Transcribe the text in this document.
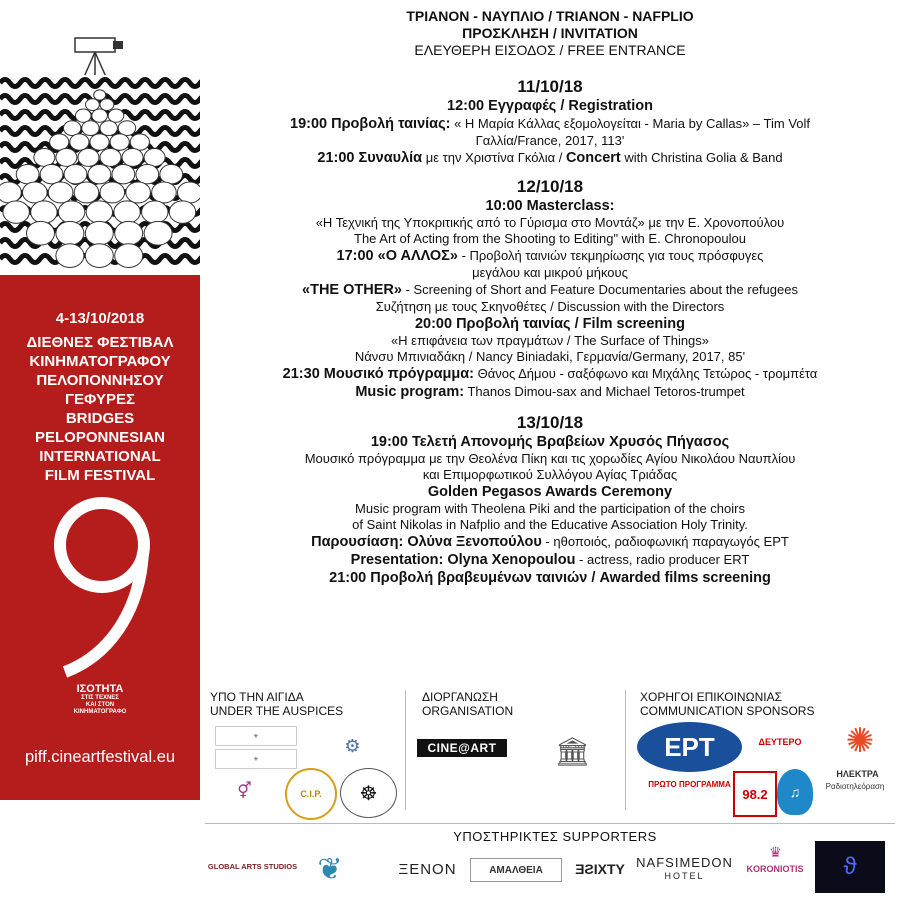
4-13/10/2018
ΔΙΕΘΝΕΣ ΦΕΣΤΙΒΑΛ
ΚΙΝΗΜΑΤΟΓΡΑΦΟΥ
ΠΕΛΟΠΟΝΝΗΣΟΥ
ΓΕΦΥΡΕΣ
BRIDGES
PELOPONNESIAN
INTERNATIONAL
FILM FESTIVAL
ΙΣΟΤΗΤΑ
ΣΤΙΣ ΤΕΧΝΕΣ
ΚΑΙ ΣΤΟΝ
ΚΙΝΗΜΑΤΟΓΡΑΦΟ
piff.cineartfestival.eu
ΤΡΙΑΝΟΝ - ΝΑΥΠΛΙΟ / TRIANON - NAFPLIO
ΠΡΟΣΚΛΗΣΗ / INVITATION
ΕΛΕΥΘΕΡΗ ΕΙΣΟΔΟΣ / FREE ENTRANCE
11/10/18
12:00 Εγγραφές / Registration
19:00 Προβολή ταινίας: « Η Μαρία Κάλλας εξομολογείται - Maria by Callas» – Tim Volf
Γαλλία/France, 2017, 113'
21:00 Συναυλία με την Χριστίνα Γκόλια / Concert with Christina Golia & Band
12/10/18
10:00 Masterclass:
«Η Τεχνική της Υποκριτικής από το Γύρισμα στο Μοντάζ» με την Ε. Χρονοπούλου
The Art of Acting from the Shooting to Editing" with E. Chronopoulou
17:00 «Ο ΑΛΛΟΣ» - Προβολή ταινιών τεκμηρίωσης για τους πρόσφυγες
μεγάλου και μικρού μήκους
«THE OTHER» - Screening of Short and Feature Documentaries about the refugees
Συζήτηση με τους Σκηνοθέτες / Discussion with the Directors
20:00 Προβολή ταινίας / Film screening
«Η επιφάνεια των πραγμάτων / The Surface of Things»
Νάνσυ Μπινιαδάκη / Nancy Biniadaki, Γερμανία/Germany, 2017, 85'
21:30 Μουσικό πρόγραμμα: Θάνος Δήμου - σαξόφωνο και Μιχάλης Τετώρος - τρομπέτα
Music program: Thanos Dimou-sax and Michael Tetoros-trumpet
13/10/18
19:00 Τελετή Απονομής Βραβείων Χρυσός Πήγασος
Μουσικό πρόγραμμα με την Θεολένα Πίκη και τις χορωδίες Αγίου Νικολάου Ναυπλίου
και Επιμορφωτικού Συλλόγου Αγίας Τριάδας
Golden Pegasos Awards Ceremony
Music program with Theolena Piki and the participation of the choirs
of Saint Nikolas in Nafplio and the Educative Association Holy Trinity.
Παρουσίαση: Ολύνα Ξενοπούλου - ηθοποιός, ραδιοφωνική παραγωγός ΕΡΤ
Presentation: Olyna Xenopoulou - actress, radio producer ERT
21:00 Προβολή βραβευμένων ταινιών / Awarded films screening
ΥΠΟ ΤΗΝ ΑΙΓΙΔΑ
UNDER THE AUSPICES
ΔΙΟΡΓΑΝΩΣΗ
ORGANISATION
ΧΟΡΗΓΟΙ ΕΠΙΚΟΙΝΩΝΙΑΣ
COMMUNICATION SPONSORS
⚜
⚜
⚙
⚥	C.I.P.	☸
CINE@ART	🏛	ΕΡΤ
ΠΡΩΤΟ ΠΡΟΓΡΑΜΜΑ
ΔΕΥΤΕΡΟ
98.2	♫
✺
ΗΛΕΚΤΡΑ
Ραδιοτηλεόραση
ΥΠΟΣΤΗΡΙΚΤΕΣ SUPPORTERS
GLOBAL ARTS STUDIOS ❦	ΞΕΝΟΝ	ΑΜΑΛΘΕΙΑ	ƎƧIXTY NAFSIMEDON
HOTEL
KORONIOTIS
♛
ϑ
